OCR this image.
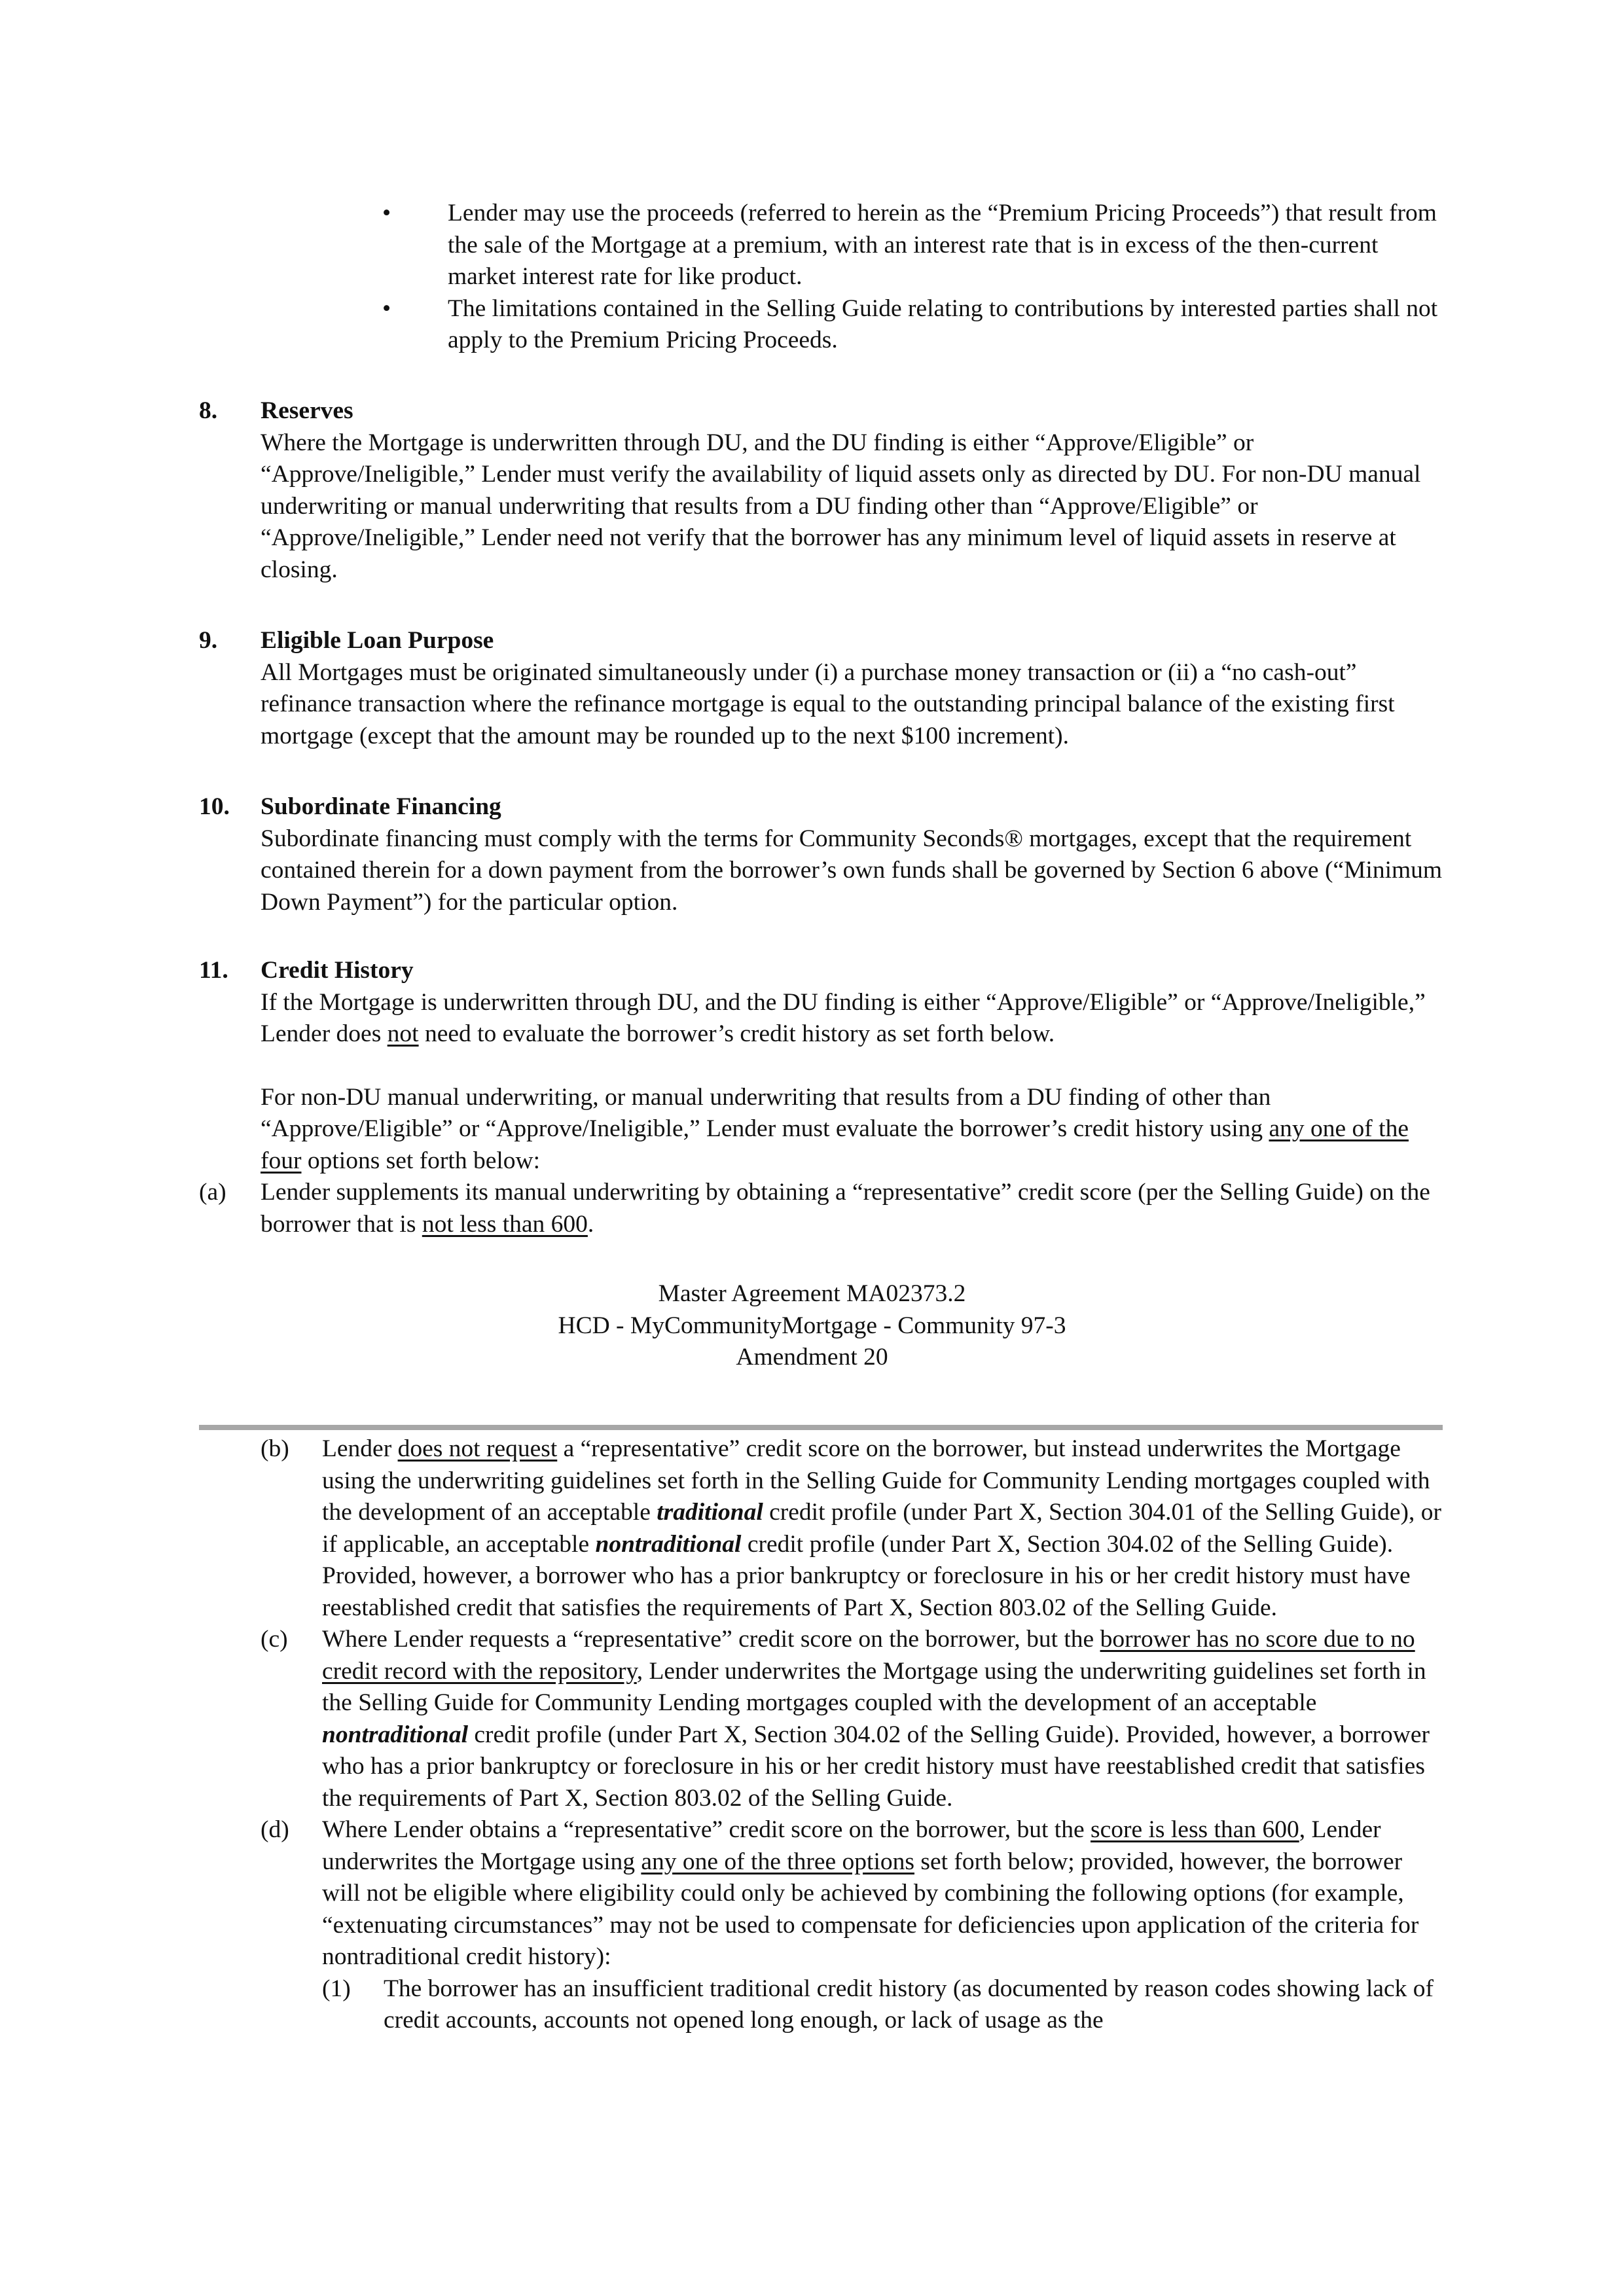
• Lender may use the proceeds (referred to herein as the “Premium Pricing Proceeds”) that result from the sale of the Mortgage at a premium, with an interest rate that is in excess of the then-current market interest rate for like product.

• The limitations contained in the Selling Guide relating to contributions by interested parties shall not apply to the Premium Pricing Proceeds.

8. Reserves

Where the Mortgage is underwritten through DU, and the DU finding is either “Approve/Eligible” or “Approve/Ineligible,” Lender must verify the availability of liquid assets only as directed by DU. For non-DU manual underwriting or manual underwriting that results from a DU finding other than “Approve/Eligible” or “Approve/Ineligible,” Lender need not verify that the borrower has any minimum level of liquid assets in reserve at closing.

9. Eligible Loan Purpose

All Mortgages must be originated simultaneously under (i) a purchase money transaction or (ii) a “no cash-out” refinance transaction where the refinance mortgage is equal to the outstanding principal balance of the existing first mortgage (except that the amount may be rounded up to the next $100 increment).

10. Subordinate Financing

Subordinate financing must comply with the terms for Community Seconds® mortgages, except that the requirement contained therein for a down payment from the borrower’s own funds shall be governed by Section 6 above (“Minimum Down Payment”) for the particular option.

11. Credit History

If the Mortgage is underwritten through DU, and the DU finding is either “Approve/Eligible” or “Approve/Ineligible,” Lender does not need to evaluate the borrower’s credit history as set forth below.

For non-DU manual underwriting, or manual underwriting that results from a DU finding of other than “Approve/Eligible” or “Approve/Ineligible,” Lender must evaluate the borrower’s credit history using any one of the four options set forth below:

(a) Lender supplements its manual underwriting by obtaining a “representative” credit score (per the Selling Guide) on the borrower that is not less than 600.

Master Agreement MA02373.2

HCD - MyCommunityMortgage - Community 97-3

Amendment 20

(b) Lender does not request a “representative” credit score on the borrower, but instead underwrites the Mortgage using the underwriting guidelines set forth in the Selling Guide for Community Lending mortgages coupled with the development of an acceptable traditional credit profile (under Part X, Section 304.01 of the Selling Guide), or if applicable, an acceptable nontraditional credit profile (under Part X, Section 304.02 of the Selling Guide). Provided, however, a borrower who has a prior bankruptcy or foreclosure in his or her credit history must have reestablished credit that satisfies the requirements of Part X, Section 803.02 of the Selling Guide.

(c) Where Lender requests a “representative” credit score on the borrower, but the borrower has no score due to no credit record with the repository, Lender underwrites the Mortgage using the underwriting guidelines set forth in the Selling Guide for Community Lending mortgages coupled with the development of an acceptable nontraditional credit profile (under Part X, Section 304.02 of the Selling Guide). Provided, however, a borrower who has a prior bankruptcy or foreclosure in his or her credit history must have reestablished credit that satisfies the requirements of Part X, Section 803.02 of the Selling Guide.

(d) Where Lender obtains a “representative” credit score on the borrower, but the score is less than 600, Lender underwrites the Mortgage using any one of the three options set forth below; provided, however, the borrower will not be eligible where eligibility could only be achieved by combining the following options (for example, “extenuating circumstances” may not be used to compensate for deficiencies upon application of the criteria for nontraditional credit history):

(1) The borrower has an insufficient traditional credit history (as documented by reason codes showing lack of credit accounts, accounts not opened long enough, or lack of usage as the
